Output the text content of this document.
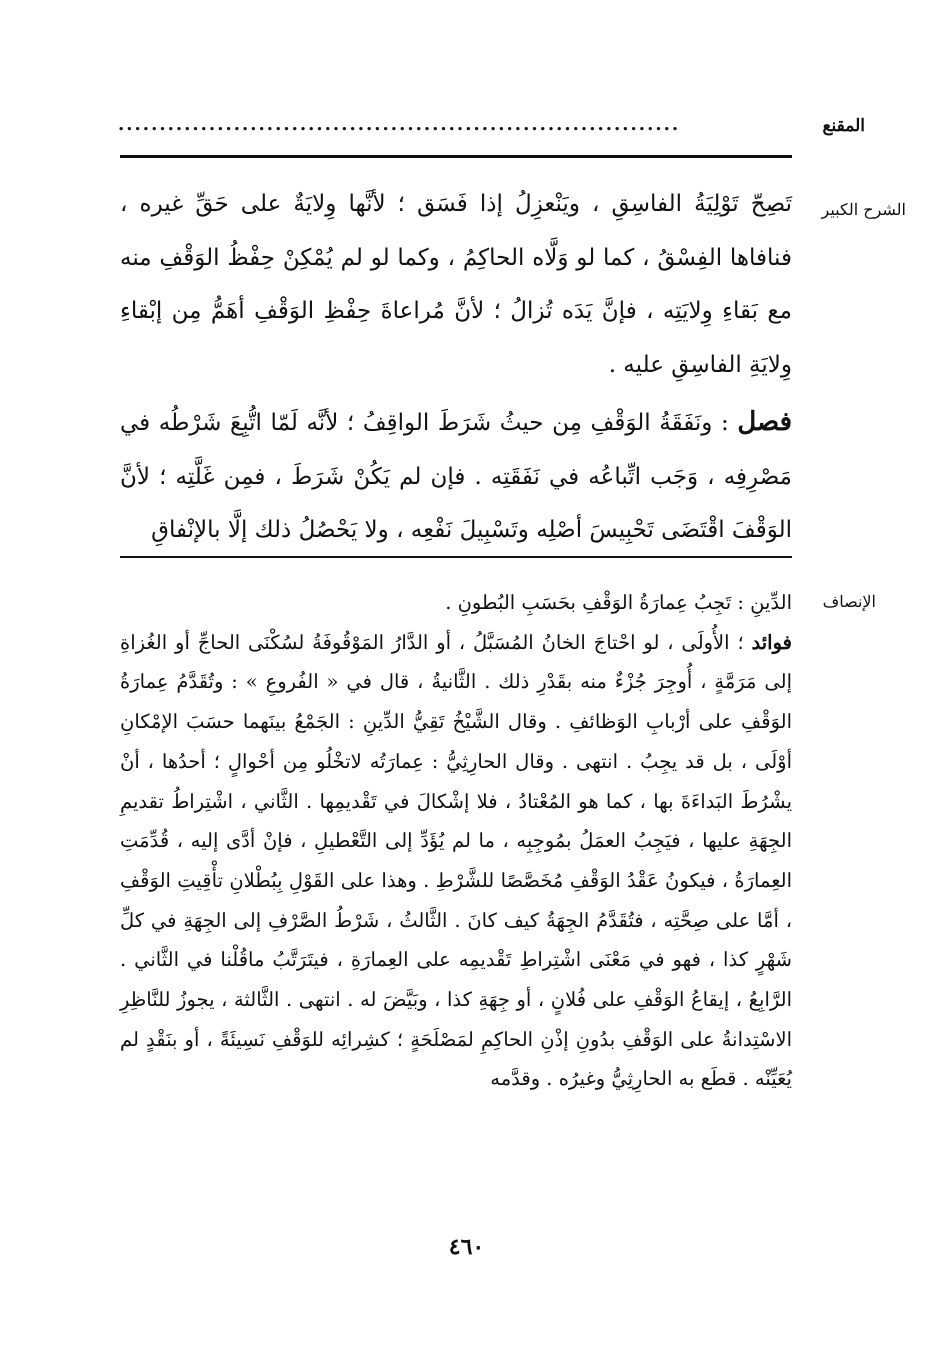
المقنع
....................................................................
الشرح الكبير

تَصِحّ تَوْلِيَةُ الفاسِقِ ، ويَنْعزِلُ إذا فَسَق ؛ لأنَّها وِلايَةٌ على حَقِّ غيره ، فنافاها الفِسْقُ ، كما لو وَلَّاه الحاكِمُ ، وكما لو لم يُمْكِنْ حِفْظُ الوَقْفِ منه مع بَقاءِ وِلايَتِه ، فإنَّ يَدَه تُزالُ ؛ لأنَّ مُراعاةَ حِفْظِ الوَقْفِ أهَمُّ مِن إبْقاءِ وِلايَةِ الفاسِقِ عليه .

فصل : ونَفَقَةُ الوَقْفِ مِن حيثُ شَرَطَ الواقِفُ ؛ لأنَّه لَمّا اتُّبِعَ شَرْطُه في مَصْرِفِه ، وَجَب اتِّباعُه في نَفَقَتِه . فإن لم يَكُنْ شَرَطَ ، فمِن غَلَّتِه ؛ لأنَّ الوَقْفَ اقْتَضَى تَحْبِيسَ أصْلِه وتَسْبِيلَ نَفْعِه ، ولا يَحْصُلُ ذلك إلَّا بالإنْفاقِ

الإنصاف

الدِّينِ : تَجِبُ عِمارَةُ الوَقْفِ بحَسَبِ البُطونِ .

فوائد ؛ الأُولَى ، لو احْتاجَ الخانُ المُسَبَّلُ ، أو الدَّارُ المَوْقُوفَةُ لسُكْنَى الحاجِّ أو الغُزاةِ إلى مَرَمَّةٍ ، أُوجِرَ جُزْءٌ منه بقَدْرِ ذلك . الثَّانيةُ ، قال في « الفُروعِ » : وتُقَدَّمُ عِمارَةُ الوَقْفِ على أرْبابِ الوَظائفِ . وقال الشَّيْخُ تَقِيُّ الدِّينِ : الجَمْعُ بينَهما حسَبَ الإمْكانِ أوْلَى ، بل قد يجِبُ . انتهى . وقال الحارِثِيُّ : عِمارَتُه لاتخْلُو مِن أحْوالٍ ؛ أحدُها ، أنْ يشْرُطَ البَداءَةَ بها ، كما هو المُعْتادُ ، فلا إشْكالَ في تَقْديمِها . الثَّاني ، اشْتِراطُ تقديمِ الجِهَةِ عليها ، فيَجِبُ العمَلُ بمُوجِبِه ، ما لم يُؤَدِّ إلى التَّعْطيلِ ، فإنْ أدَّى إليه ، قُدِّمَتِ العِمارَةُ ، فيكونُ عَقْدُ الوَقْفِ مُخَصَّصًا للشَّرْطِ . وهذا على القَوْلِ بِبُطْلانِ تأْقِيتِ الوَقْفِ ، أمَّا على صِحَّتِه ، فتُقَدَّمُ الجِهَةُ كيف كانَ . الثَّالثُ ، شَرْطُ الصَّرْفِ إلى الجِهَةِ في كلِّ شَهْرٍ كذا ، فهو في مَعْنَى اشْتِراطِ تَقْديمِه على العِمارَةِ ، فيتَرَتَّبُ ماقُلْنا في الثَّاني . الرَّابِعُ ، إيقاعُ الوَقْفِ على فُلانٍ ، أو جِهَةِ كذا ، وبَيَّضَ له . انتهى . الثَّالثة ، يجوزُ للنَّاظِرِ الاسْتِدانةُ على الوَقْفِ بدُونِ إذْنِ الحاكِمِ لمَصْلَحَةٍ ؛ كشِرائِه للوَقْفِ نَسِيئَةً ، أو بنَقْدٍ لم يُعَيِّنْه . قطَع به الحارِثِيُّ وغيرُه . وقدَّمه

٤٦٠
